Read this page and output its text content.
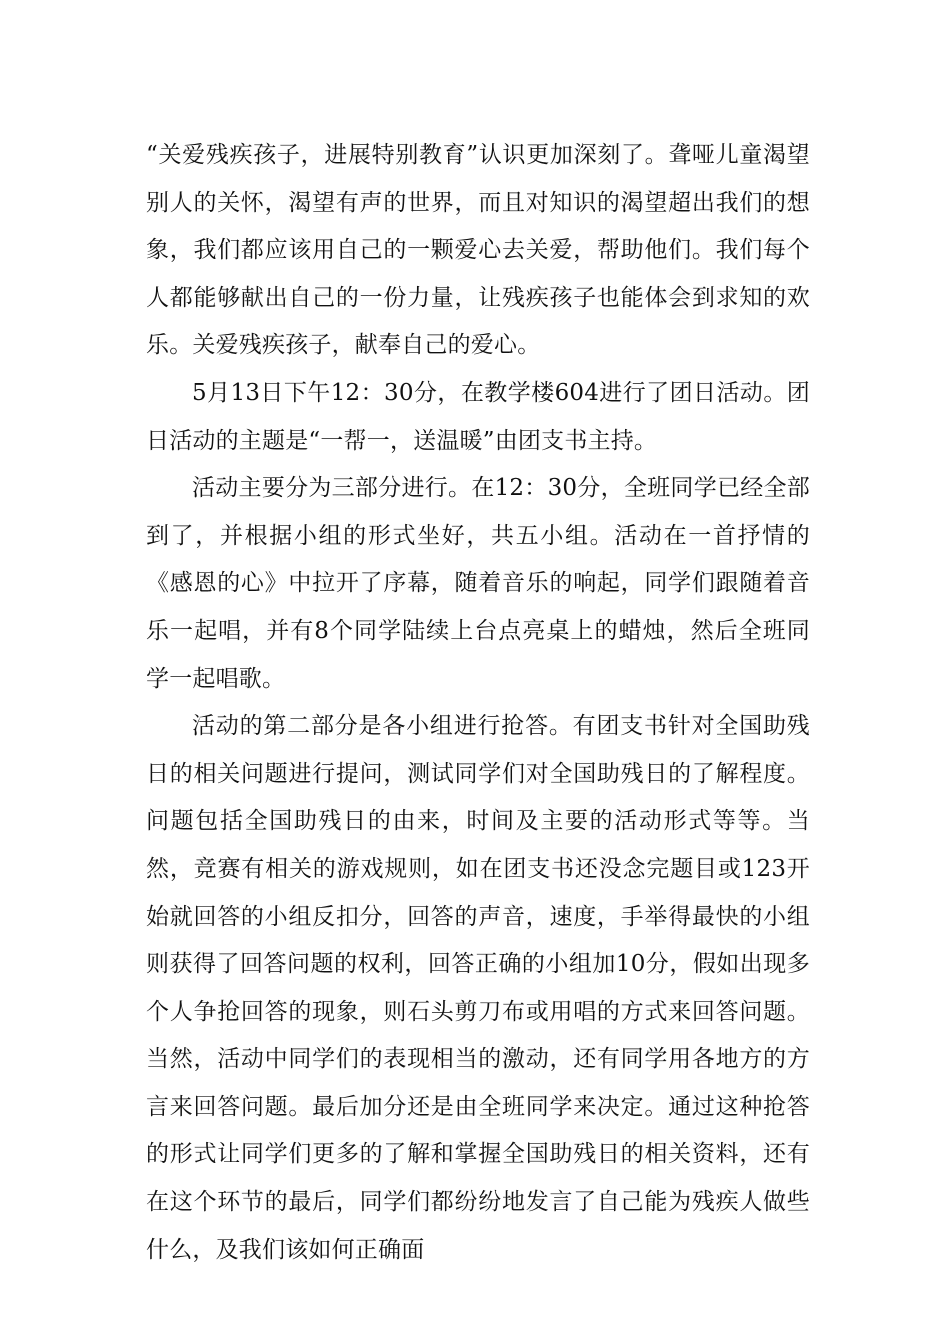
“关爱残疾孩子，进展特别教育”认识更加深刻了。聋哑儿童渴望别人的关怀，渴望有声的世界，而且对知识的渴望超出我们的想象，我们都应该用自己的一颗爱心去关爱，帮助他们。我们每个人都能够献出自己的一份力量，让残疾孩子也能体会到求知的欢乐。关爱残疾孩子，献奉自己的爱心。

5月13日下午12：30分，在教学楼604进行了团日活动。团日活动的主题是“一帮一，送温暖”由团支书主持。

活动主要分为三部分进行。在12：30分，全班同学已经全部到了，并根据小组的形式坐好，共五小组。活动在一首抒情的《感恩的心》中拉开了序幕，随着音乐的响起，同学们跟随着音乐一起唱，并有8个同学陆续上台点亮桌上的蜡烛，然后全班同学一起唱歌。

活动的第二部分是各小组进行抢答。有团支书针对全国助残日的相关问题进行提问，测试同学们对全国助残日的了解程度。问题包括全国助残日的由来，时间及主要的活动形式等等。当然，竞赛有相关的游戏规则，如在团支书还没念完题目或123开始就回答的小组反扣分，回答的声音，速度，手举得最快的小组则获得了回答问题的权利，回答正确的小组加10分，假如出现多个人争抢回答的现象，则石头剪刀布或用唱的方式来回答问题。当然，活动中同学们的表现相当的激动，还有同学用各地方的方言来回答问题。最后加分还是由全班同学来决定。通过这种抢答的形式让同学们更多的了解和掌握全国助残日的相关资料，还有在这个环节的最后，同学们都纷纷地发言了自己能为残疾人做些什么，及我们该如何正确面
